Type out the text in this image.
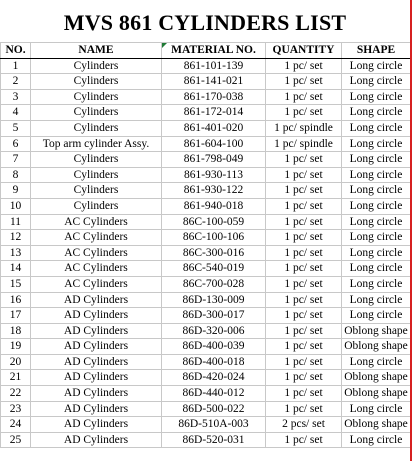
MVS 861 CYLINDERS LIST
NO.	NAME	MATERIAL NO.	QUANTITY	SHAPE
1	Cylinders	861-101-139	1 pc/ set	Long circle
2	Cylinders	861-141-021	1 pc/ set	Long circle
3	Cylinders	861-170-038	1 pc/ set	Long circle
4	Cylinders	861-172-014	1 pc/ set	Long circle
5	Cylinders	861-401-020	1 pc/ spindle	Long circle
6	Top arm cylinder Assy.	861-604-100	1 pc/ spindle	Long circle
7	Cylinders	861-798-049	1 pc/ set	Long circle
8	Cylinders	861-930-113	1 pc/ set	Long circle
9	Cylinders	861-930-122	1 pc/ set	Long circle
10	Cylinders	861-940-018	1 pc/ set	Long circle
11	AC Cylinders	86C-100-059	1 pc/ set	Long circle
12	AC Cylinders	86C-100-106	1 pc/ set	Long circle
13	AC Cylinders	86C-300-016	1 pc/ set	Long circle
14	AC Cylinders	86C-540-019	1 pc/ set	Long circle
15	AC Cylinders	86C-700-028	1 pc/ set	Long circle
16	AD Cylinders	86D-130-009	1 pc/ set	Long circle
17	AD Cylinders	86D-300-017	1 pc/ set	Long circle
18	AD Cylinders	86D-320-006	1 pc/ set	Oblong shape
19	AD Cylinders	86D-400-039	1 pc/ set	Oblong shape
20	AD Cylinders	86D-400-018	1 pc/ set	Long circle
21	AD Cylinders	86D-420-024	1 pc/ set	Oblong shape
22	AD Cylinders	86D-440-012	1 pc/ set	Oblong shape
23	AD Cylinders	86D-500-022	1 pc/ set	Long circle
24	AD Cylinders	86D-510A-003	2 pcs/ set	Oblong shape
25	AD Cylinders	86D-520-031	1 pc/ set	Long circle
